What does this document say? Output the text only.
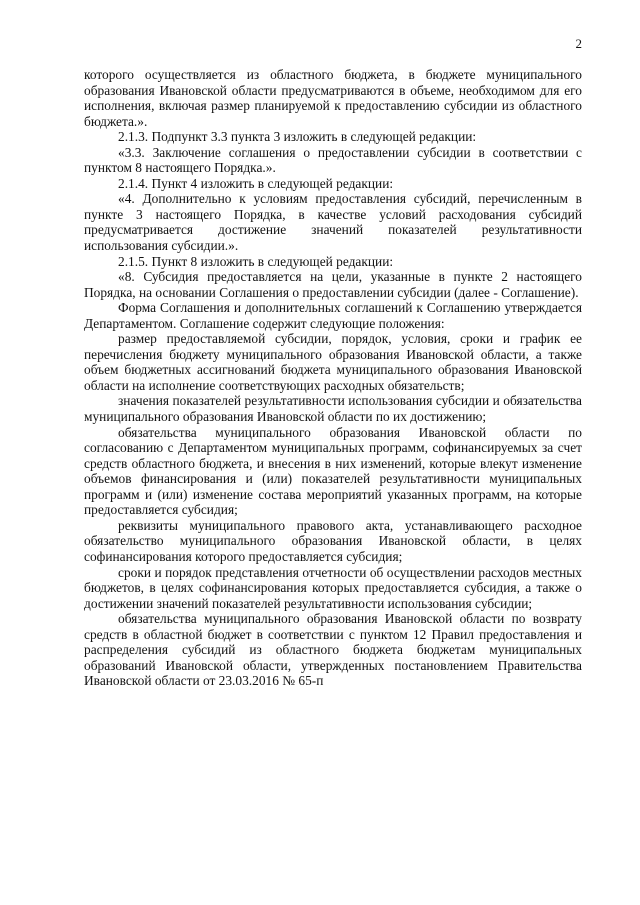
2

которого осуществляется из областного бюджета, в бюджете муниципального образования Ивановской области предусматриваются в объеме, необходимом для его исполнения, включая размер планируемой к предоставлению субсидии из областного бюджета.».

2.1.3. Подпункт 3.3 пункта 3 изложить в следующей редакции:

«3.3. Заключение соглашения о предоставлении субсидии в соответствии с пунктом 8 настоящего Порядка.».

2.1.4. Пункт 4 изложить в следующей редакции:

«4. Дополнительно к условиям предоставления субсидий, перечисленным в пункте 3 настоящего Порядка, в качестве условий расходования субсидий предусматривается достижение значений показателей результативности использования субсидии.».

2.1.5. Пункт 8 изложить в следующей редакции:

«8. Субсидия предоставляется на цели, указанные в пункте 2 настоящего Порядка, на основании Соглашения о предоставлении субсидии (далее - Соглашение).

Форма Соглашения и дополнительных соглашений к Соглашению утверждается Департаментом. Соглашение содержит следующие положения:

размер предоставляемой субсидии, порядок, условия, сроки и график ее перечисления бюджету муниципального образования Ивановской области, а также объем бюджетных ассигнований бюджета муниципального образования Ивановской области на исполнение соответствующих расходных обязательств;

значения показателей результативности использования субсидии и обязательства муниципального образования Ивановской области по их достижению;

обязательства муниципального образования Ивановской области по согласованию с Департаментом муниципальных программ, софинансируемых за счет средств областного бюджета, и внесения в них изменений, которые влекут изменение объемов финансирования и (или) показателей результативности муниципальных программ и (или) изменение состава мероприятий указанных программ, на которые предоставляется субсидия;

реквизиты муниципального правового акта, устанавливающего расходное обязательство муниципального образования Ивановской области, в целях софинансирования которого предоставляется субсидия;

сроки и порядок представления отчетности об осуществлении расходов местных бюджетов, в целях софинансирования которых предоставляется субсидия, а также о достижении значений показателей результативности использования субсидии;

обязательства муниципального образования Ивановской области по возврату средств в областной бюджет в соответствии с пунктом 12 Правил предоставления и распределения субсидий из областного бюджета бюджетам муниципальных образований Ивановской области, утвержденных постановлением Правительства Ивановской области от 23.03.2016 № 65-п
